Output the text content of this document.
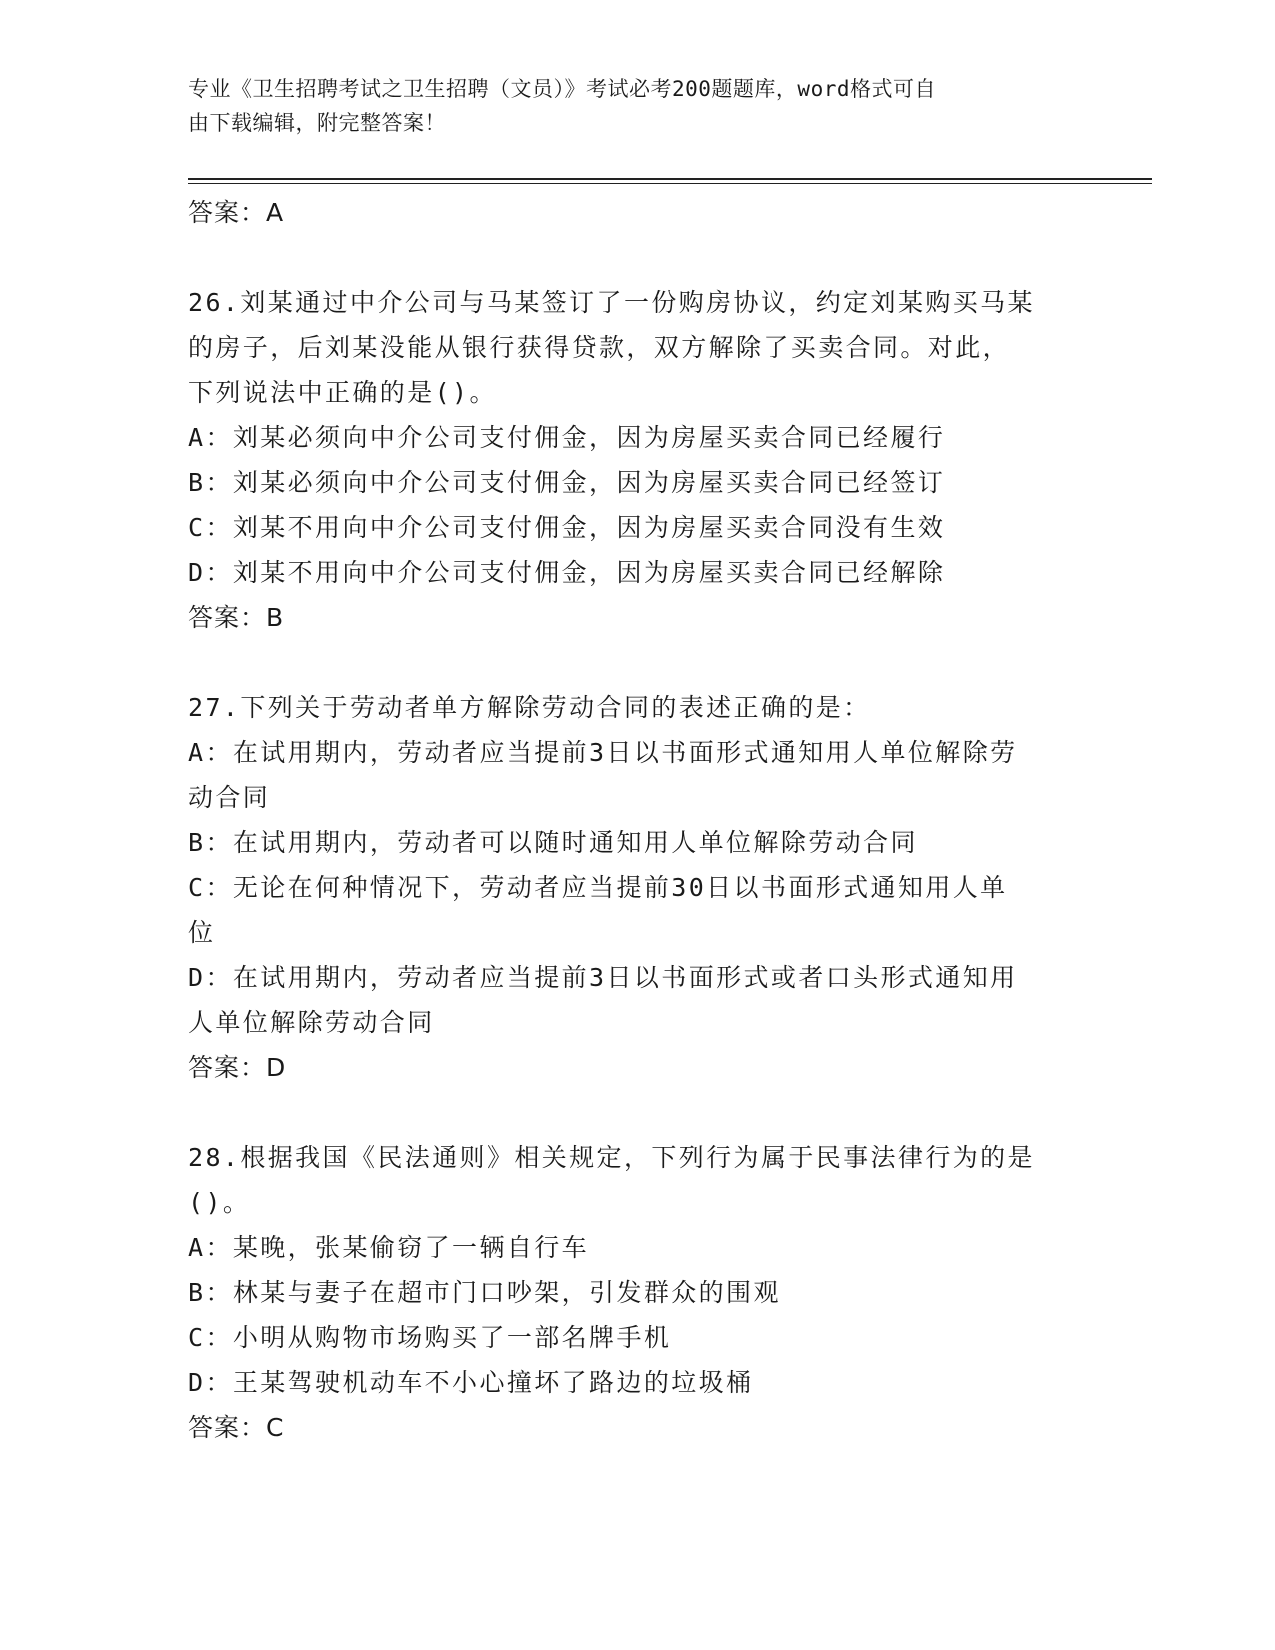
专业《卫生招聘考试之卫生招聘（文员）》考试必考200题题库，word格式可自
由下载编辑，附完整答案！
答案：A
26.刘某通过中介公司与马某签订了一份购房协议，约定刘某购买马某
的房子，后刘某没能从银行获得贷款，双方解除了买卖合同。对此，
下列说法中正确的是()。
A：刘某必须向中介公司支付佣金，因为房屋买卖合同已经履行
B：刘某必须向中介公司支付佣金，因为房屋买卖合同已经签订
C：刘某不用向中介公司支付佣金，因为房屋买卖合同没有生效
D：刘某不用向中介公司支付佣金，因为房屋买卖合同已经解除
答案：B
27.下列关于劳动者单方解除劳动合同的表述正确的是：
A：在试用期内，劳动者应当提前3日以书面形式通知用人单位解除劳
动合同
B：在试用期内，劳动者可以随时通知用人单位解除劳动合同
C：无论在何种情况下，劳动者应当提前30日以书面形式通知用人单
位
D：在试用期内，劳动者应当提前3日以书面形式或者口头形式通知用
人单位解除劳动合同
答案：D
28.根据我国《民法通则》相关规定，下列行为属于民事法律行为的是
()。
A：某晚，张某偷窃了一辆自行车
B：林某与妻子在超市门口吵架，引发群众的围观
C：小明从购物市场购买了一部名牌手机
D：王某驾驶机动车不小心撞坏了路边的垃圾桶
答案：C
